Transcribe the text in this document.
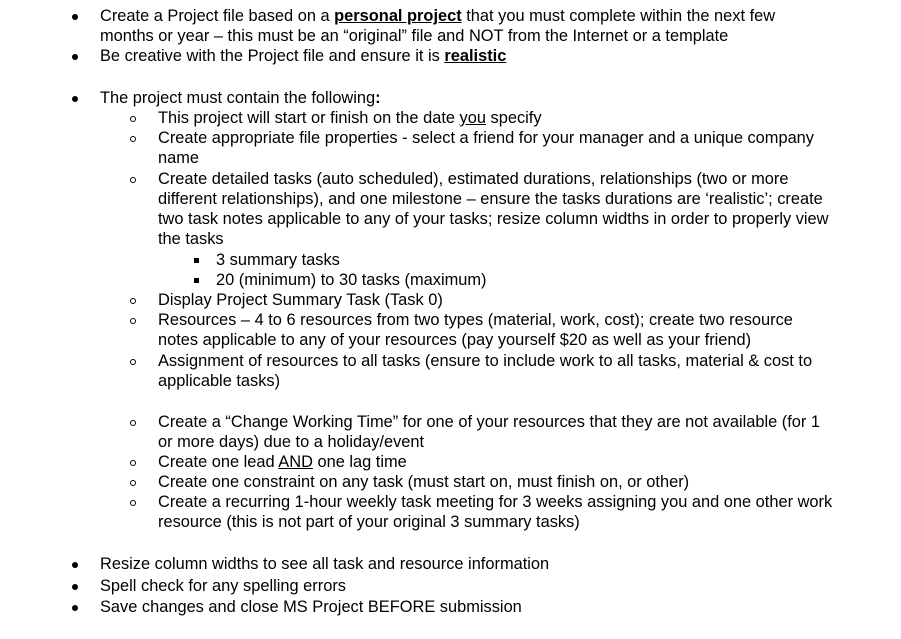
Create a Project file based on a personal project that you must complete within the next few
months or year – this must be an “original” file and NOT from the Internet or a template

Be creative with the Project file and ensure it is realistic

The project must contain the following:

This project will start or finish on the date you specify

Create appropriate file properties - select a friend for your manager and a unique company
name

Create detailed tasks (auto scheduled), estimated durations, relationships (two or more
different relationships), and one milestone – ensure the tasks durations are ‘realistic’; create
two task notes applicable to any of your tasks; resize column widths in order to properly view
the tasks

3 summary tasks

20 (minimum) to 30 tasks (maximum)

Display Project Summary Task (Task 0)

Resources – 4 to 6 resources from two types (material, work, cost); create two resource
notes applicable to any of your resources (pay yourself $20 as well as your friend)

Assignment of resources to all tasks (ensure to include work to all tasks, material & cost to
applicable tasks)

Create a “Change Working Time” for one of your resources that they are not available (for 1
or more days) due to a holiday/event

Create one lead AND one lag time

Create one constraint on any task (must start on, must finish on, or other)

Create a recurring 1-hour weekly task meeting for 3 weeks assigning you and one other work
resource (this is not part of your original 3 summary tasks)

Resize column widths to see all task and resource information

Spell check for any spelling errors

Save changes and close MS Project BEFORE submission
